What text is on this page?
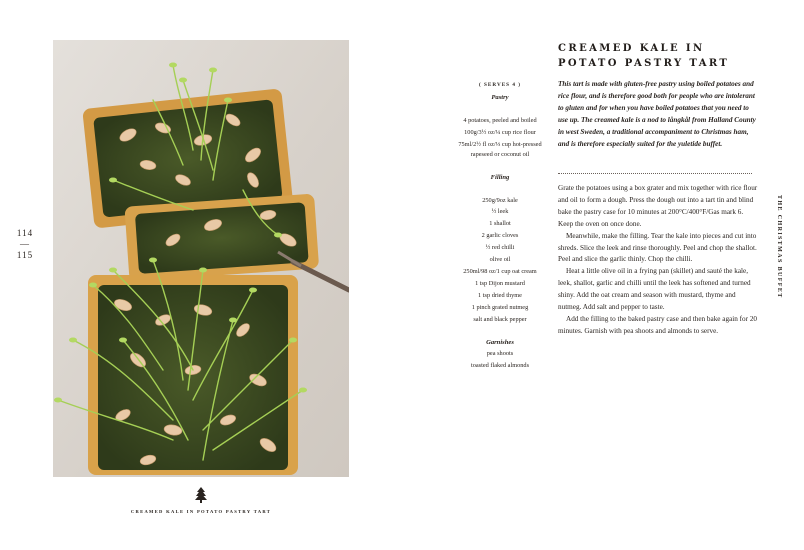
114
—
115
CREAMED KALE IN POTATO PASTRY TART
( SERVES 4 )
Pastry
4 potatoes, peeled and boiled
100g/3½ oz/¼ cup rice flour
75ml/2½ fl oz/⅓ cup hot-pressed rapeseed or coconut oil
Filling
250g/9oz kale
½ leek
1 shallot
2 garlic cloves
½ red chilli
olive oil
250ml/98 oz/1 cup oat cream
1 tsp Dijon mustard
1 tsp dried thyme
1 pinch grated nutmeg
salt and black pepper
Garnishes
pea shoots
toasted flaked almonds
CREAMED KALE IN
POTATO PASTRY TART
This tart is made with gluten-free pastry using boiled potatoes and rice flour, and is therefore good both for people who are intolerant to gluten and for when you have boiled potatoes that you need to use up. The creamed kale is a nod to långkål from Halland County in west Sweden, a traditional accompaniment to Christmas ham, and is therefore especially suited for the yuletide buffet.

Grate the potatoes using a box grater and mix together with rice flour and oil to form a dough. Press the dough out into a tart tin and blind bake the pastry case for 10 minutes at 200°C/400°F/Gas mark 6. Keep the oven on once done.

Meanwhile, make the filling. Tear the kale into pieces and cut into shreds. Slice the leek and rinse thoroughly. Peel and chop the shallot. Peel and slice the garlic thinly. Chop the chilli.

Heat a little olive oil in a frying pan (skillet) and sauté the kale, leek, shallot, garlic and chilli until the leek has softened and turned shiny. Add the oat cream and season with mustard, thyme and nutmeg. Add salt and pepper to taste.

Add the filling to the baked pastry case and then bake again for 20 minutes. Garnish with pea shoots and almonds to serve.

THE CHRISTMAS BUFFET
